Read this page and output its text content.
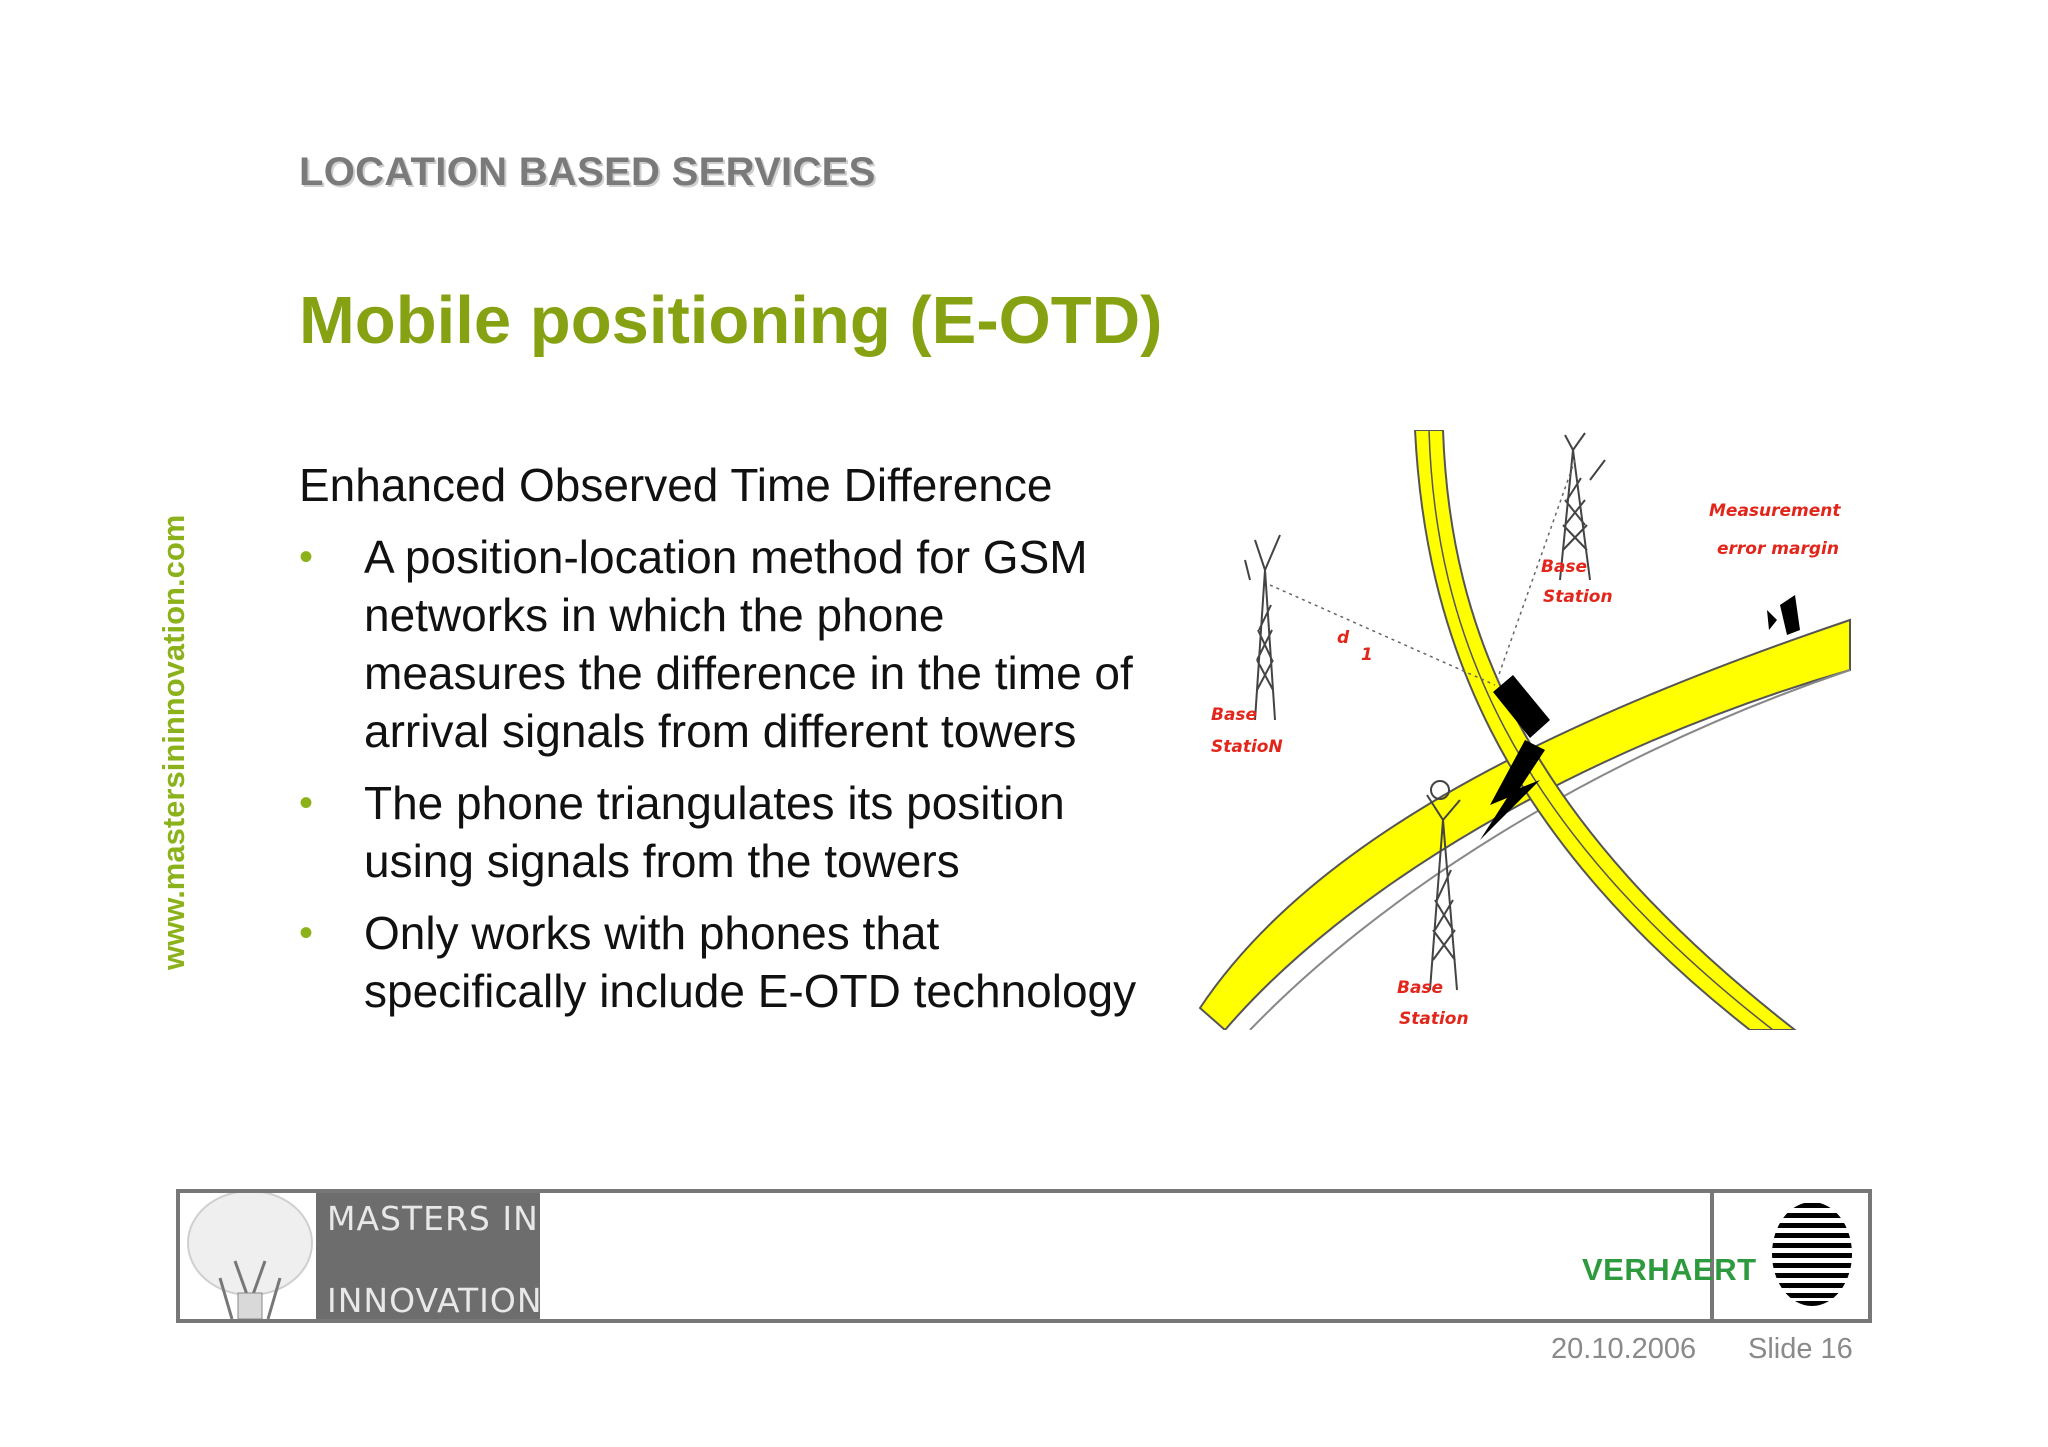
LOCATION BASED SERVICES
Mobile positioning (E-OTD)
www.mastersininnovation.com

Enhanced Observed Time Difference

• A position-location method for GSM networks in which the phone measures the difference in the time of arrival signals from different towers
• The phone triangulates its position using signals from the towers
• Only works with phones that specifically include E-OTD technology
Measurement
error margin
Base
Station
Base
StatioN
Base
Station
d
1
MASTERS IN
INNOVATION
VERHAERT
20.10.2006 Slide 16
